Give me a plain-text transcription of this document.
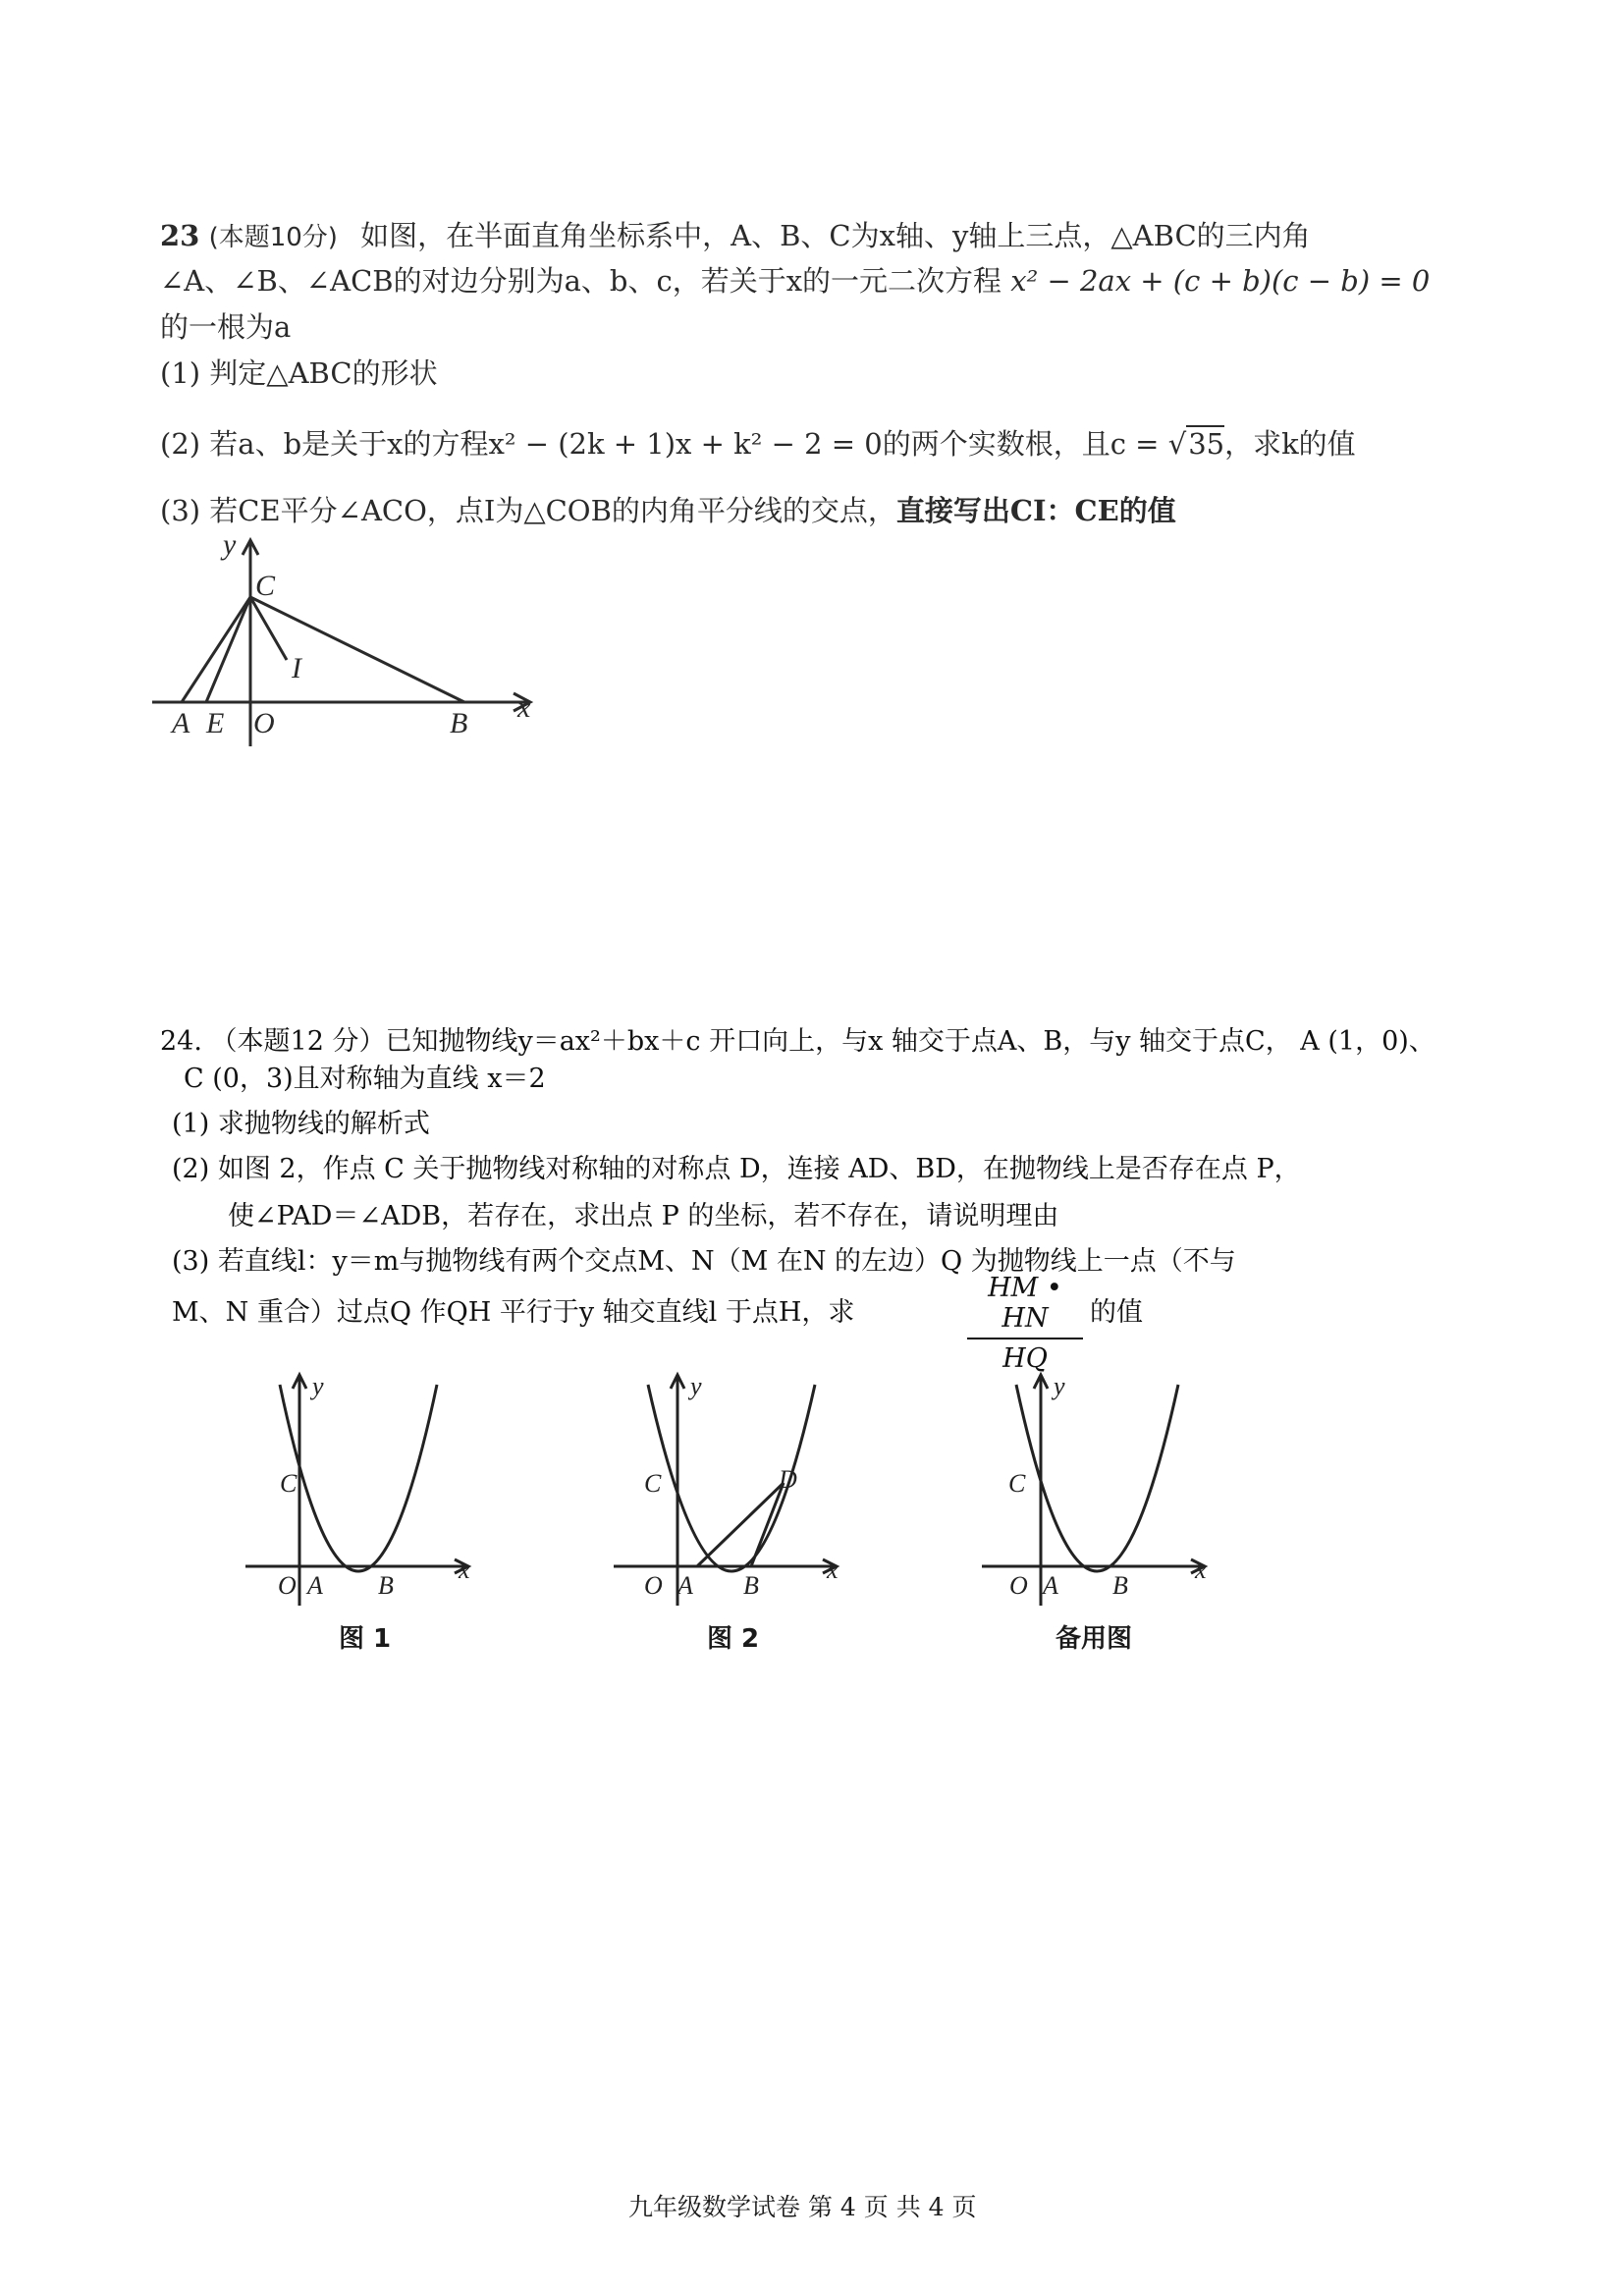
23 (本题10分) 如图，在半面直角坐标系中，A、B、C为x轴、y轴上三点，△ABC的三内角
∠A、∠B、∠ACB的对边分别为a、b、c，若关于x的一元二次方程 x² − 2ax + (c + b)(c − b) = 0
的一根为a
(1) 判定△ABC的形状
(2) 若a、b是关于x的方程x² − (2k + 1)x + k² − 2 = 0的两个实数根，且c = √35，求k的值
(3) 若CE平分∠ACO，点I为△COB的内角平分线的交点，直接写出CI：CE的值
y
x
C
I
A E O	B
24. （本题12 分）已知抛物线y＝ax²＋bx＋c 开口向上，与x 轴交于点A、B，与y 轴交于点C， A (1，0)、
C (0，3)且对称轴为直线 x＝2
(1) 求抛物线的解析式
(2) 如图 2，作点 C 关于抛物线对称轴的对称点 D，连接 AD、BD，在抛物线上是否存在点 P，
使∠PAD＝∠ADB，若存在，求出点 P 的坐标，若不存在，请说明理由
(3) 若直线l：y＝m与抛物线有两个交点M、N（M 在N 的左边）Q 为抛物线上一点（不与
M、N 重合）过点Q 作QH 平行于y 轴交直线l 于点H，求
HM • HN
HQ
的值
y
x
C
O A B
图 1
y
x
C	D
O A B
图 2
y
x
C
O A B
备用图
九年级数学试卷 第 4 页 共 4 页
